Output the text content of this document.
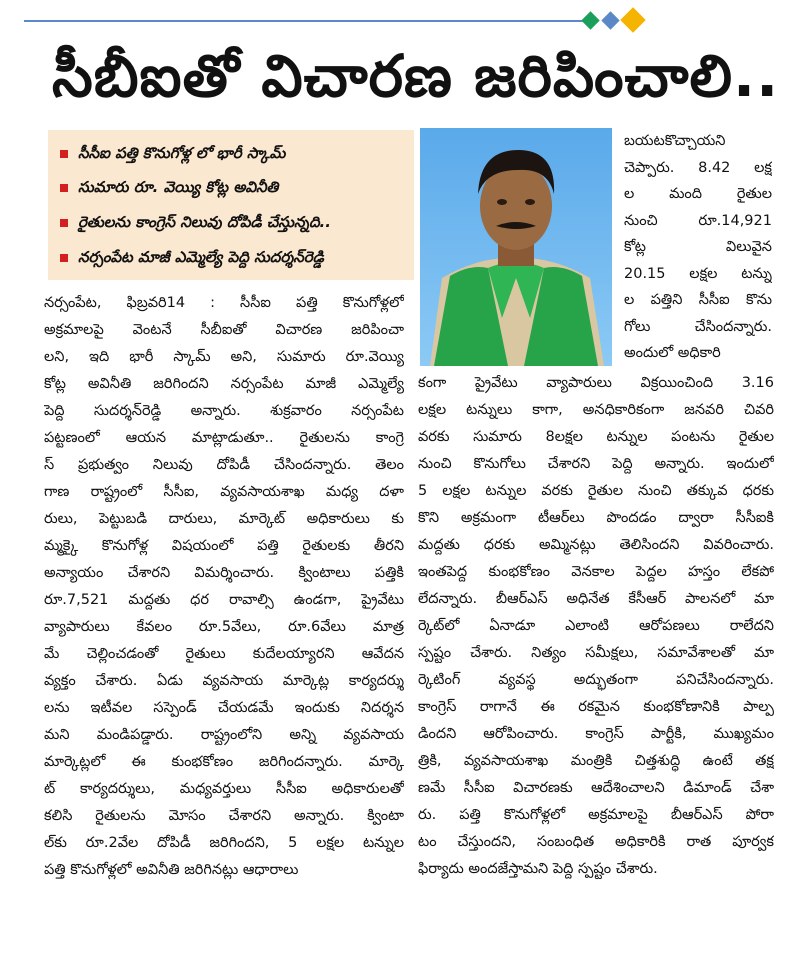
సీబీఐతో విచారణ జరిపించాలి..
సీసీఐ పత్తి కొనుగోళ్ల లో భారీ స్కామ్
సుమారు రూ. వెయ్యి కోట్ల అవినీతి
రైతులను కాంగ్రెస్ నిలువు దోపిడీ చేస్తున్నది..
నర్సంపేట మాజీ ఎమ్మెల్యే పెద్ది సుదర్శన్‌రెడ్డి
నర్సంపేట, ఫిబ్రవరి14 : సీసీఐ పత్తి కొనుగోళ్లలో
అక్రమాలపై వెంటనే సీబీఐతో విచారణ జరిపించా
లని, ఇది భారీ స్కామ్ అని, సుమారు రూ.వెయ్యి
కోట్ల అవినీతి జరిగిందని నర్సంపేట మాజీ ఎమ్మెల్యే
పెద్ది సుదర్శన్‌రెడ్డి అన్నారు. శుక్రవారం నర్సంపేట
పట్టణంలో ఆయన మాట్లాడుతూ.. రైతులను కాంగ్రె
స్ ప్రభుత్వం నిలువు దోపిడీ చేసిందన్నారు. తెలం
గాణ రాష్ట్రంలో సీసీఐ, వ్యవసాయశాఖ మధ్య దళా
రులు, పెట్టుబడి దారులు, మార్కెట్ అధికారులు కు
మ్మక్కై కొనుగోళ్ల విషయంలో పత్తి రైతులకు తీరని
అన్యాయం చేశారని విమర్శించారు. క్వింటాలు పత్తికి
రూ.7,521 మద్దతు ధర రావాల్సి ఉండగా, ప్రైవేటు
వ్యాపారులు కేవలం రూ.5వేలు, రూ.6వేలు మాత్ర
మే చెల్లించడంతో రైతులు కుదేలయ్యారని ఆవేదన
వ్యక్తం చేశారు. ఏడు వ్యవసాయ మార్కెట్ల కార్యదర్శు
లను ఇటీవల సస్పెండ్ చేయడమే ఇందుకు నిదర్శన
మని మండిపడ్డారు. రాష్ట్రంలోని అన్ని వ్యవసాయ
మార్కెట్లలో ఈ కుంభకోణం జరిగిందన్నారు. మార్కె
ట్ కార్యదర్శులు, మధ్యవర్తులు సీసీఐ అధికారులతో
కలిసి రైతులను మోసం చేశారని అన్నారు. క్వింటా
ల్‌కు రూ.2వేల దోపిడీ జరిగిందని, 5 లక్షల టన్నుల
పత్తి కొనుగోళ్లలో అవినీతి జరిగినట్లు ఆధారాలు
బయటకొచ్చాయని
చెప్పారు. 8.42 లక్ష
ల మంది రైతుల
నుంచి రూ.14,921
కోట్ల విలువైన
20.15 లక్షల టన్ను
ల పత్తిని సీసీఐ కొను
గోలు చేసిందన్నారు.
అందులో అధికారి
కంగా ప్రైవేటు వ్యాపారులు విక్రయించింది 3.16
లక్షల టన్నులు కాగా, అనధికారికంగా జనవరి చివరి
వరకు సుమారు 8లక్షల టన్నుల పంటను రైతుల
నుంచి కొనుగోలు చేశారని పెద్ది అన్నారు. ఇందులో
5 లక్షల టన్నుల వరకు రైతుల నుంచి తక్కువ ధరకు
కొని అక్రమంగా టీఆర్‌లు పొందడం ద్వారా సీసీఐకి
మద్దతు ధరకు అమ్మినట్లు తెలిసిందని వివరించారు.
ఇంతపెద్ద కుంభకోణం వెనకాల పెద్దల హస్తం లేకపో
లేదన్నారు. బీఆర్‌ఎస్ అధినేత కేసీఆర్ పాలనలో మా
ర్కెట్‌లో ఏనాడూ ఎలాంటి ఆరోపణలు రాలేదని
స్పష్టం చేశారు. నిత్యం సమీక్షలు, సమావేశాలతో మా
ర్కెటింగ్ వ్యవస్థ అద్భుతంగా పనిచేసిందన్నారు.
కాంగ్రెస్ రాగానే ఈ రకమైన కుంభకోణానికి పాల్ప
డిందని ఆరోపించారు. కాంగ్రెస్ పార్టీకి, ముఖ్యమం
త్రికి, వ్యవసాయశాఖ మంత్రికి చిత్తశుద్ధి ఉంటే తక్ష
ణమే సీసీఐ విచారణకు ఆదేశించాలని డిమాండ్ చేశా
రు. పత్తి కొనుగోళ్లలో అక్రమాలపై బీఆర్‌ఎస్ పోరా
టం చేస్తుందని, సంబంధిత అధికారికి రాత పూర్వక
ఫిర్యాదు అందజేస్తామని పెద్ది స్పష్టం చేశారు.
